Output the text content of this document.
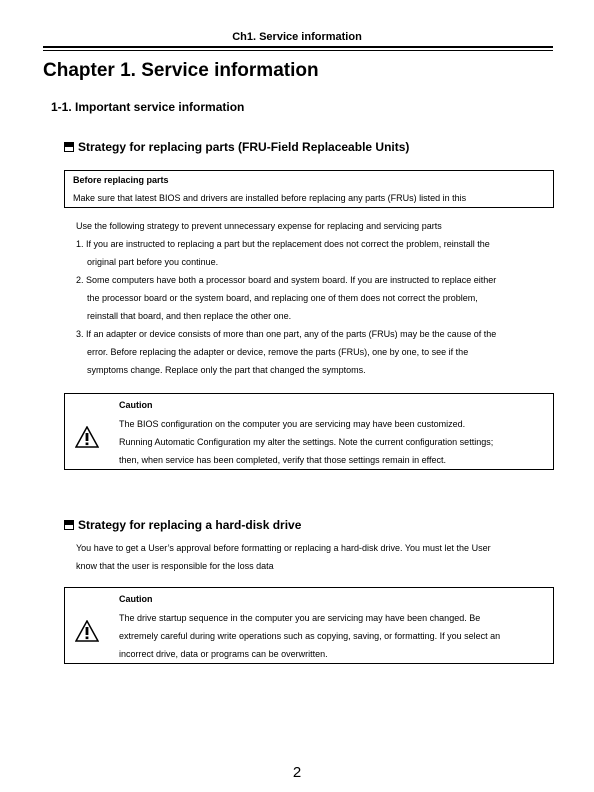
Ch1. Service information
Chapter 1. Service information
1-1. Important service information
Strategy for replacing parts (FRU-Field Replaceable Units)
Before replacing parts
Make sure that latest BIOS and drivers are installed before replacing any parts (FRUs) listed in this
Use the following strategy to prevent unnecessary expense for replacing and servicing parts
1. If you are instructed to replacing a part but the replacement does not correct the problem, reinstall the
original part before you continue.
2. Some computers have both a processor board and system board. If you are instructed to replace either
the processor board or the system board, and replacing one of them does not correct the problem,
reinstall that board, and then replace the other one.
3. If an adapter or device consists of more than one part, any of the parts (FRUs) may be the cause of the
error. Before replacing the adapter or device, remove the parts (FRUs), one by one, to see if the
symptoms change. Replace only the part that changed the symptoms.
Caution
The BIOS configuration on the computer you are servicing may have been customized.
Running Automatic Configuration my alter the settings. Note the current configuration settings;
then, when service has been completed, verify that those settings remain in effect.
Strategy for replacing a hard-disk drive
You have to get a User’s approval before formatting or replacing a hard-disk drive. You must let the User
know that the user is responsible for the loss data
Caution
The drive startup sequence in the computer you are servicing may have been changed. Be
extremely careful during write operations such as copying, saving, or formatting. If you select an
incorrect drive, data or programs can be overwritten.
2
